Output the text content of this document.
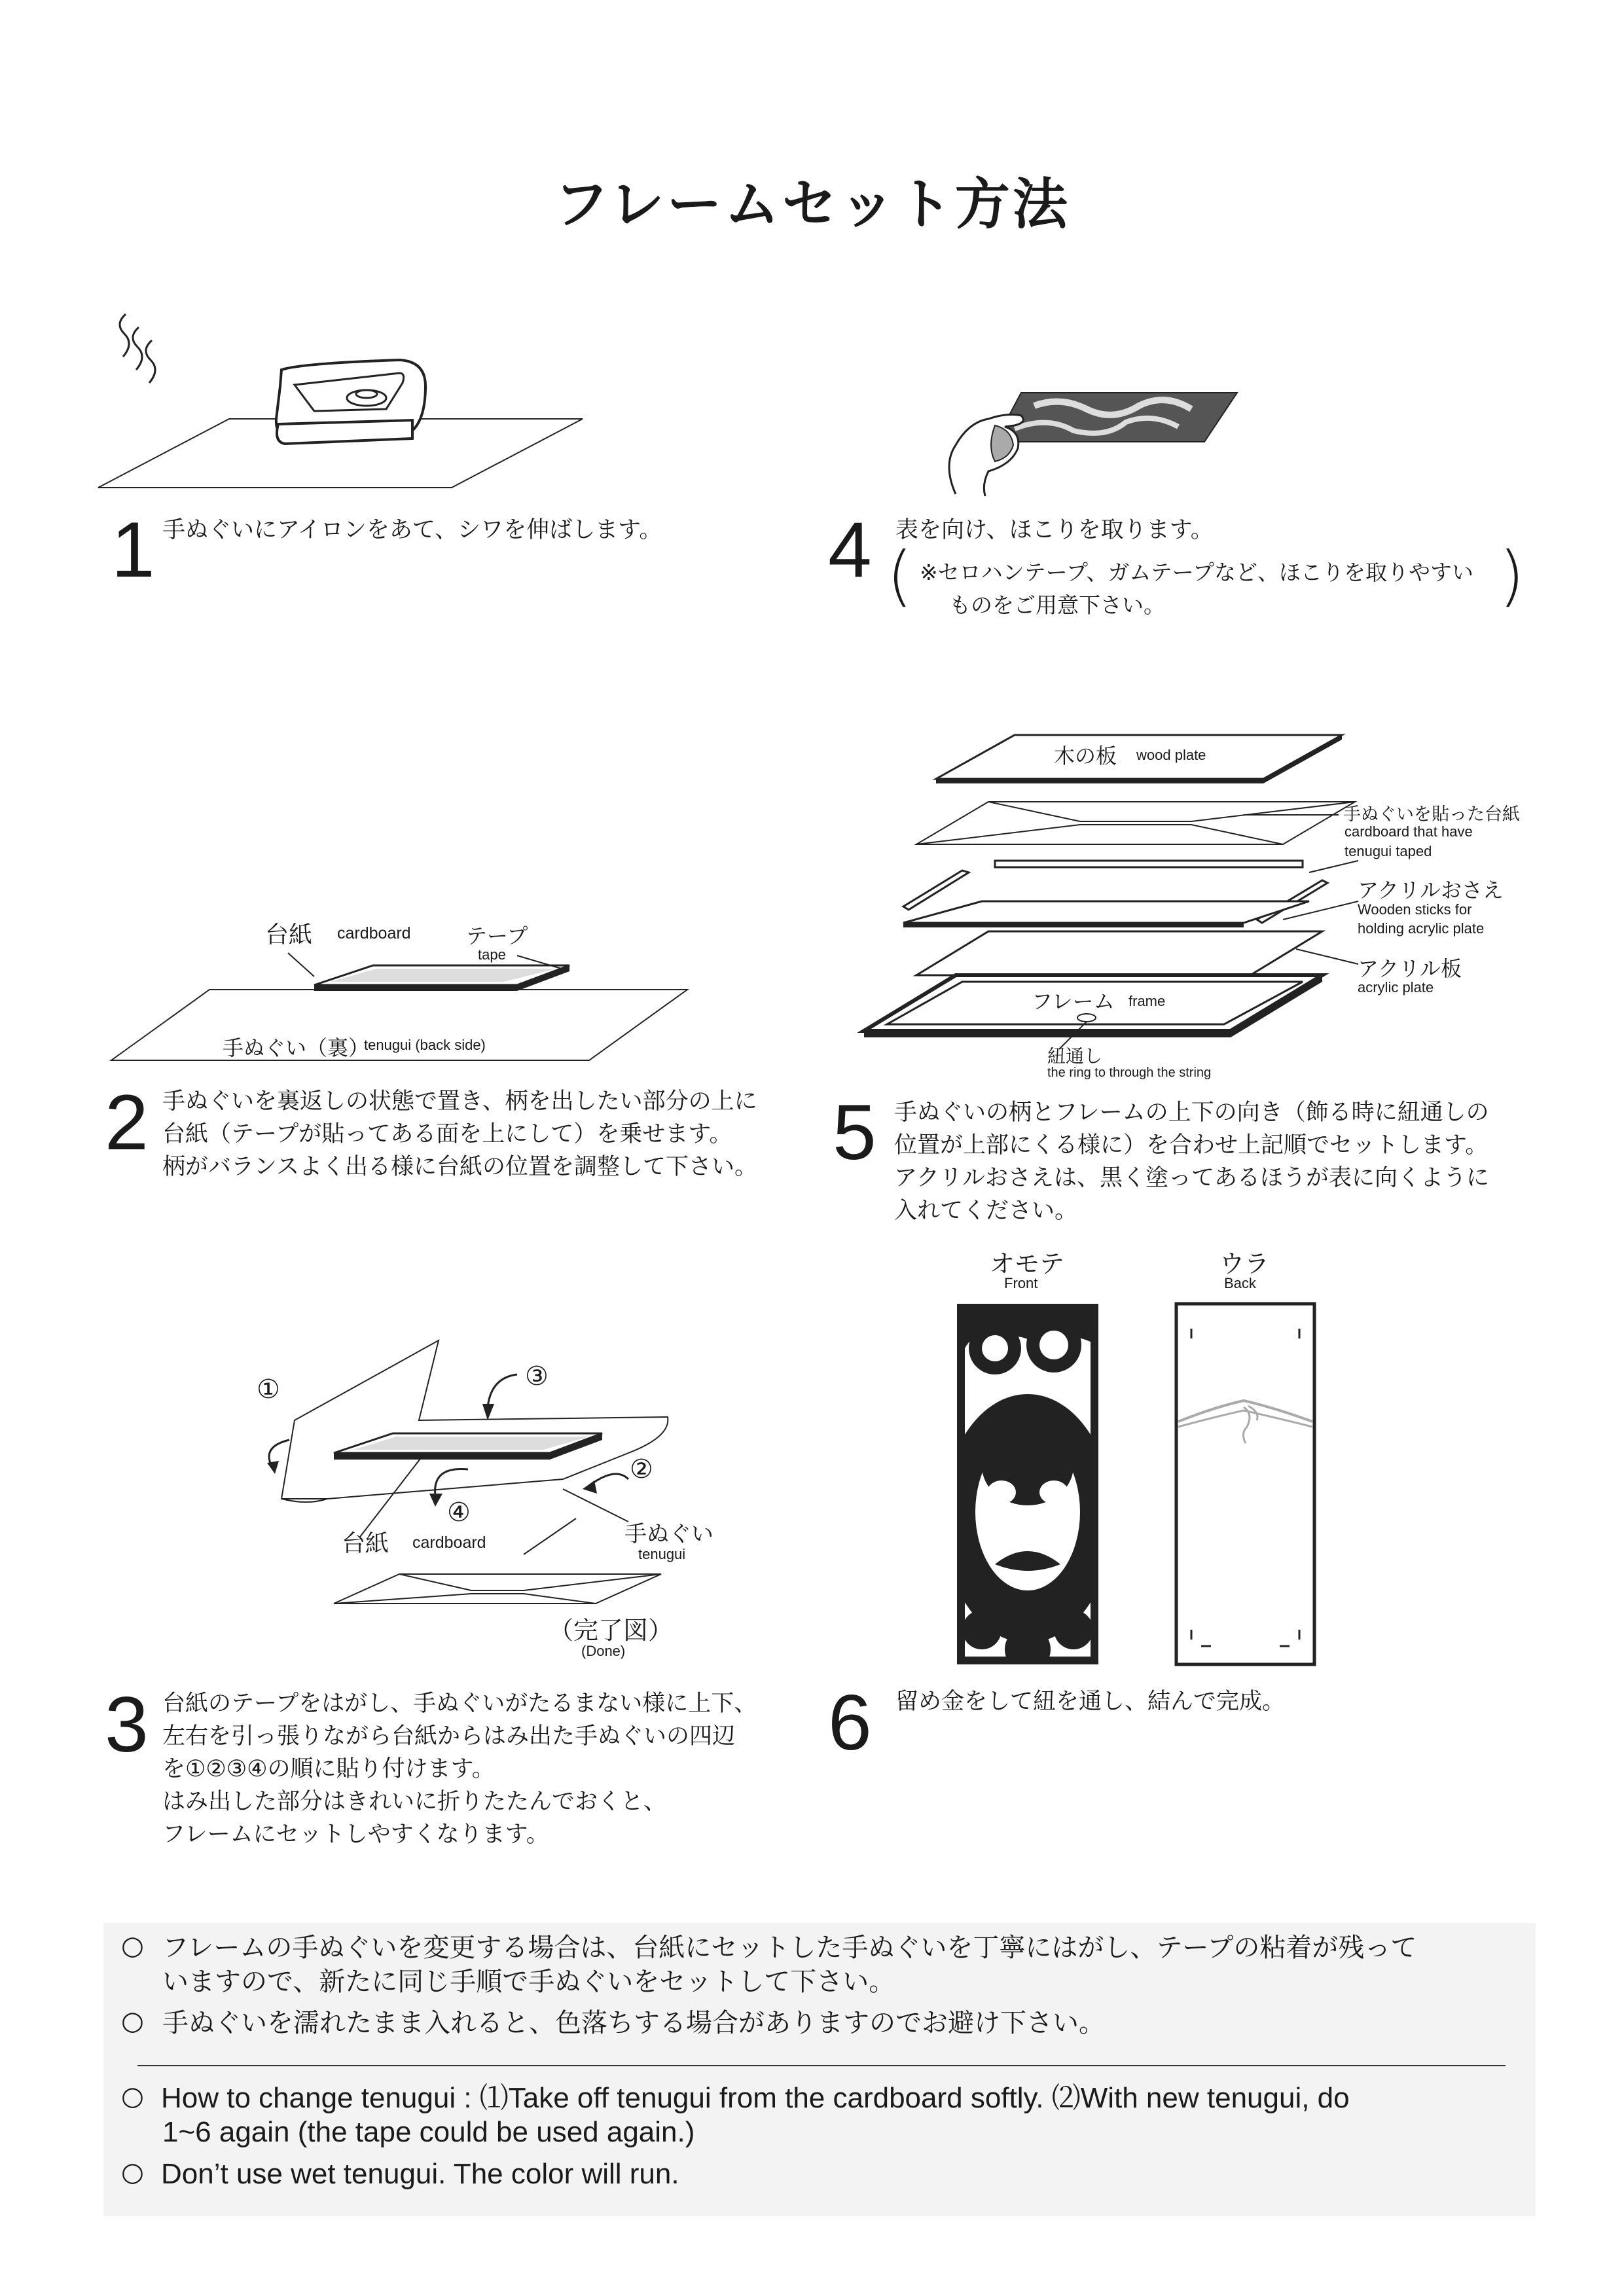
フレームセット方法
1 手ぬぐいにアイロンをあて、シワを伸ばします。 4 表を向け、ほこりを取ります。
(	)
※セロハンテープ、ガムテープなど、ほこりを取りやすい
ものをご用意下さい。
台紙 cardboard	テープ
tape
手ぬぐい（裏）
tenugui (back side)
2 手ぬぐいを裏返しの状態で置き、柄を出したい部分の上に
台紙（テープが貼ってある面を上にして）を乗せます。
柄がバランスよく出る様に台紙の位置を調整して下さい。
木の板 wood plate
手ぬぐいを貼った台紙
cardboard that have
tenugui taped
アクリルおさえ
Wooden sticks for
holding acrylic plate
アクリル板
acrylic plate
フレーム frame
紐通し
the ring to through the string
5 手ぬぐいの柄とフレームの上下の向き（飾る時に紐通しの
位置が上部にくる様に）を合わせ上記順でセットします。
アクリルおさえは、黒く塗ってあるほうが表に向くように
入れてください。
①
②
③
④
台紙 cardboard	手ぬぐい
tenugui
（完了図）
(Done)
3 台紙のテープをはがし、手ぬぐいがたるまない様に上下、
左右を引っ張りながら台紙からはみ出た手ぬぐいの四辺
を①②③④の順に貼り付けます。
はみ出した部分はきれいに折りたたんでおくと、
フレームにセットしやすくなります。
オモテ
Front
ウラ
Back
6 留め金をして紐を通し、結んで完成。
○ フレームの手ぬぐいを変更する場合は、台紙にセットした手ぬぐいを丁寧にはがし、テープの粘着が残って
いますので、新たに同じ手順で手ぬぐいをセットして下さい。
○ 手ぬぐいを濡れたまま入れると、色落ちする場合がありますのでお避け下さい。
○ How to change tenugui : ⑴Take off tenugui from the cardboard softly. ⑵With new tenugui, do
1~6 again (the tape could be used again.)
○ Don’t use wet tenugui. The color will run.
